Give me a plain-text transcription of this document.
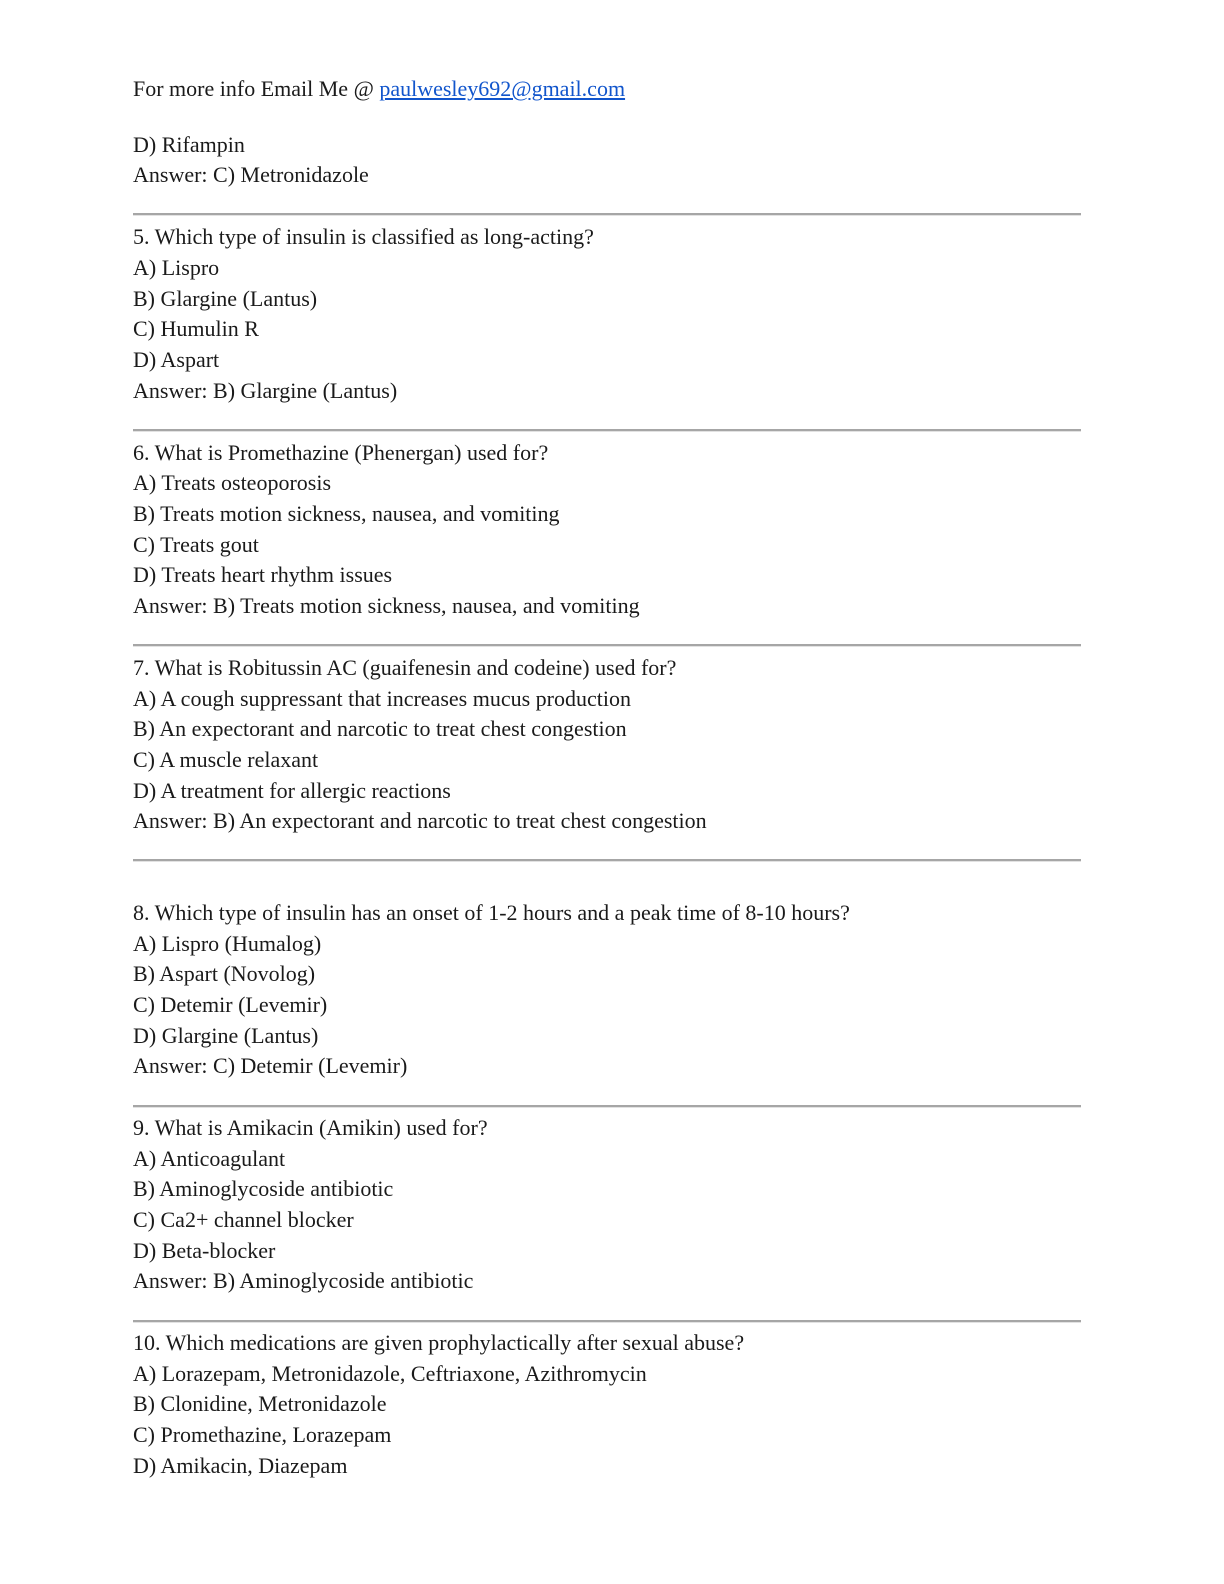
For more info Email Me @ paulwesley692@gmail.com
D) Rifampin
Answer: C) Metronidazole
5. Which type of insulin is classified as long-acting?
A) Lispro
B) Glargine (Lantus)
C) Humulin R
D) Aspart
Answer: B) Glargine (Lantus)
6. What is Promethazine (Phenergan) used for?
A) Treats osteoporosis
B) Treats motion sickness, nausea, and vomiting
C) Treats gout
D) Treats heart rhythm issues
Answer: B) Treats motion sickness, nausea, and vomiting
7. What is Robitussin AC (guaifenesin and codeine) used for?
A) A cough suppressant that increases mucus production
B) An expectorant and narcotic to treat chest congestion
C) A muscle relaxant
D) A treatment for allergic reactions
Answer: B) An expectorant and narcotic to treat chest congestion
8. Which type of insulin has an onset of 1-2 hours and a peak time of 8-10 hours?
A) Lispro (Humalog)
B) Aspart (Novolog)
C) Detemir (Levemir)
D) Glargine (Lantus)
Answer: C) Detemir (Levemir)
9. What is Amikacin (Amikin) used for?
A) Anticoagulant
B) Aminoglycoside antibiotic
C) Ca2+ channel blocker
D) Beta-blocker
Answer: B) Aminoglycoside antibiotic
10. Which medications are given prophylactically after sexual abuse?
A) Lorazepam, Metronidazole, Ceftriaxone, Azithromycin
B) Clonidine, Metronidazole
C) Promethazine, Lorazepam
D) Amikacin, Diazepam
